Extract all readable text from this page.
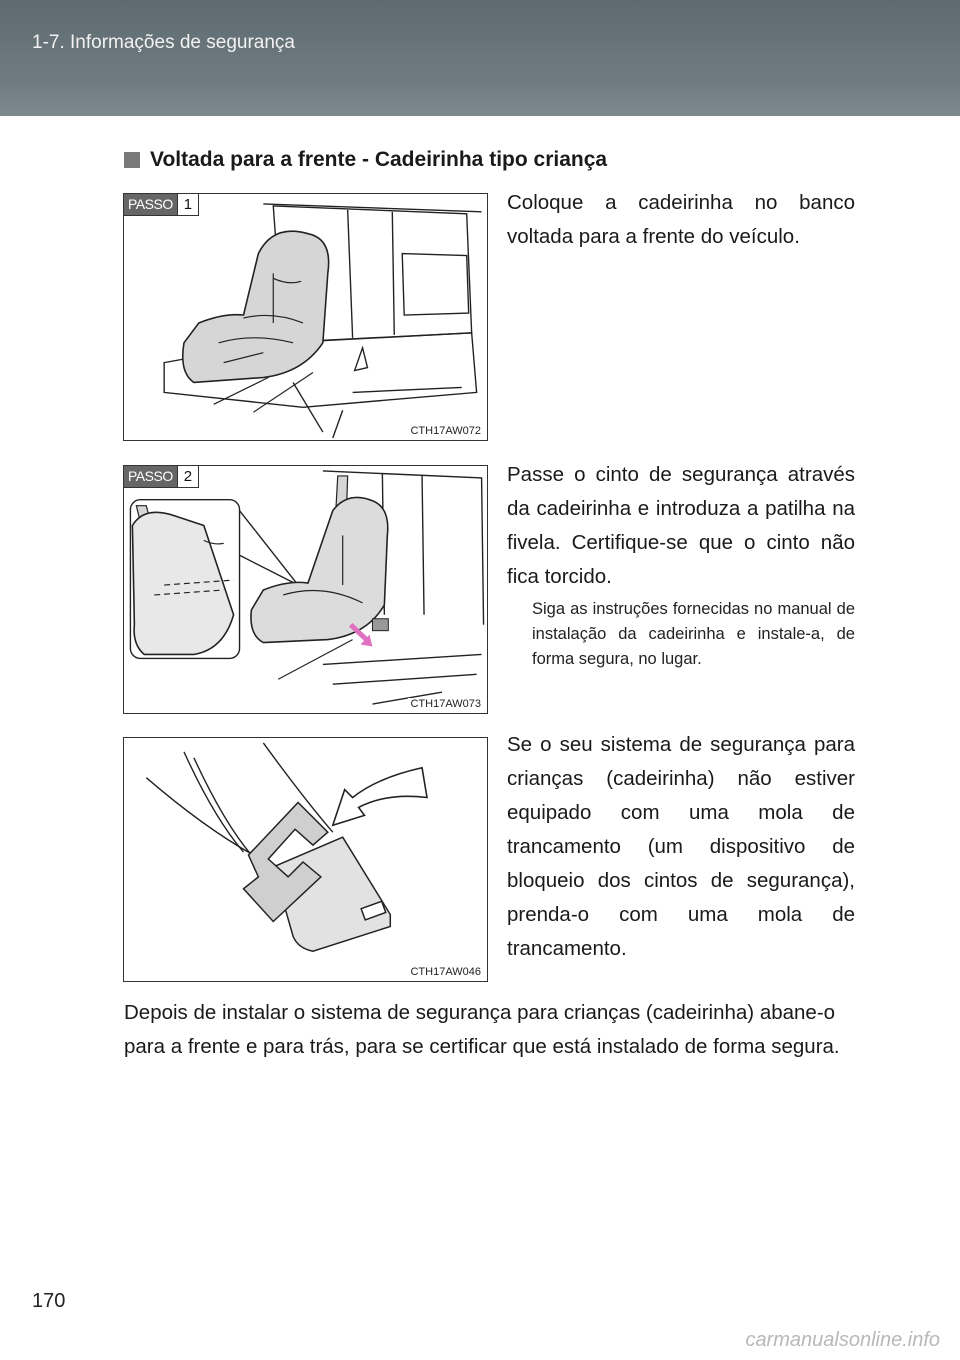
1-7. Informações de segurança
Voltada para a frente - Cadeirinha tipo criança
PASSO 1
CTH17AW072
PASSO 2
CTH17AW073
CTH17AW046
Coloque a cadeirinha no banco voltada para a frente do veículo.
Passe o cinto de segurança através da cadeirinha e introduza a patilha na fivela. Certifique-se que o cinto não fica torcido.
Siga as instruções fornecidas no manual de instalação da cadeirinha e instale-a, de forma segura, no lugar.
Se o seu sistema de segurança para crianças (cadeirinha) não estiver equipado com uma mola de trancamento (um dispositivo de bloqueio dos cintos de segurança), prenda-o com uma mola de trancamento.
Depois de instalar o sistema de segurança para crianças (cadeirinha) abane-o para a frente e para trás, para se certificar que está instalado de forma segura.
170
carmanualsonline.info
